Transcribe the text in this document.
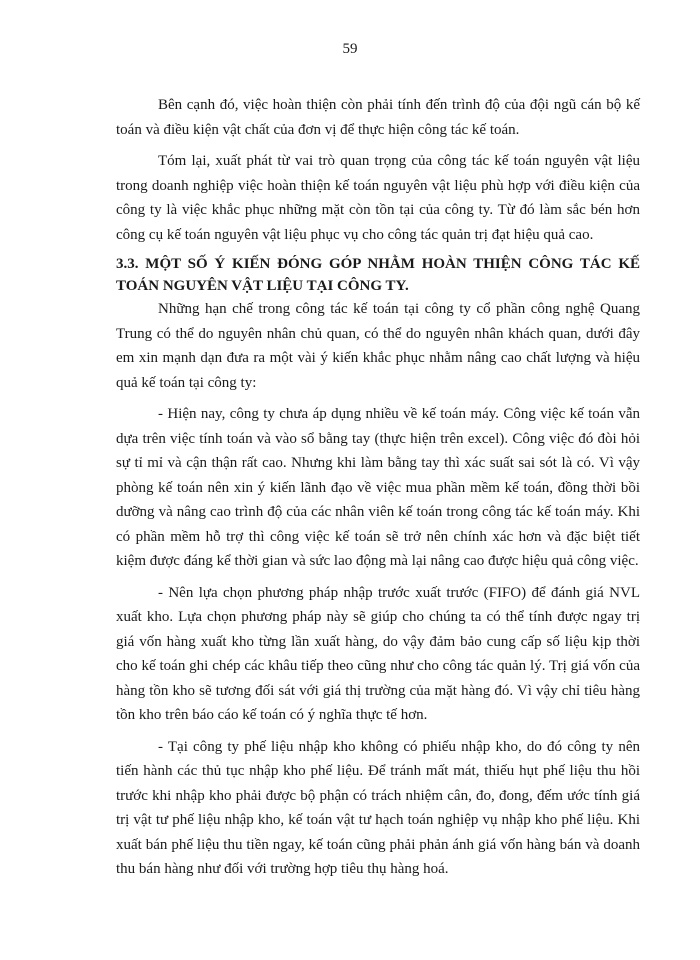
59

Bên cạnh đó, việc hoàn thiện còn phải tính đến trình độ của đội ngũ cán bộ kế toán và điều kiện vật chất của đơn vị để thực hiện công tác kế toán.

Tóm lại, xuất phát từ vai trò quan trọng của công tác kế toán nguyên vật liệu trong doanh nghiệp việc hoàn thiện kế toán nguyên vật liệu phù hợp với điều kiện của công ty là việc khắc phục những mặt còn tồn tại của công ty. Từ đó làm sắc bén hơn công cụ kế toán nguyên vật liệu phục vụ cho công tác quản trị đạt hiệu quả cao.

3.3. MỘT SỐ Ý KIẾN ĐÓNG GÓP NHẰM HOÀN THIỆN CÔNG TÁC KẾ TOÁN NGUYÊN VẬT LIỆU TẠI CÔNG TY.

Những hạn chế trong công tác kế toán tại công ty cổ phần công nghệ Quang Trung có thể do nguyên nhân chủ quan, có thể do nguyên nhân khách quan, dưới đây em xin mạnh dạn đưa ra một vài ý kiến khắc phục nhằm nâng cao chất lượng và hiệu quả kế toán tại công ty:

- Hiện nay, công ty chưa áp dụng nhiều về kế toán máy. Công việc kế toán vẫn dựa trên việc tính toán và vào sổ bằng tay (thực hiện trên excel). Công việc đó đòi hỏi sự tỉ mỉ và cận thận rất cao. Nhưng khi làm bằng tay thì xác suất sai sót là có. Vì vậy phòng kế toán nên xin ý kiến lãnh đạo về việc mua phần mềm kế toán, đồng thời bồi dưỡng và nâng cao trình độ của các nhân viên kế toán trong công tác kế toán máy. Khi có phần mềm hỗ trợ thì công việc kế toán sẽ trở nên chính xác hơn và đặc biệt tiết kiệm được đáng kể thời gian và sức lao động mà lại nâng cao được hiệu quả công việc.

- Nên lựa chọn phương pháp nhập trước xuất trước (FIFO) để đánh giá NVL xuất kho. Lựa chọn phương pháp này sẽ giúp cho chúng ta có thể tính được ngay trị giá vốn hàng xuất kho từng lần xuất hàng, do vậy đảm bảo cung cấp số liệu kịp thời cho kế toán ghi chép các khâu tiếp theo cũng như cho công tác quản lý. Trị giá vốn của hàng tồn kho sẽ tương đối sát với giá thị trường của mặt hàng đó. Vì vậy chỉ tiêu hàng tồn kho trên báo cáo kế toán có ý nghĩa thực tế hơn.

- Tại công ty phế liệu nhập kho không có phiếu nhập kho, do đó công ty nên tiến hành các thủ tục nhập kho phế liệu. Để tránh mất mát, thiếu hụt phế liệu thu hồi trước khi nhập kho phải được bộ phận có trách nhiệm cân, đo, đong, đếm ước tính giá trị vật tư phế liệu nhập kho, kế toán vật tư hạch toán nghiệp vụ nhập kho phế liệu. Khi xuất bán phế liệu thu tiền ngay, kế toán cũng phải phản ánh giá vốn hàng bán và doanh thu bán hàng như đối với trường hợp tiêu thụ hàng hoá.
